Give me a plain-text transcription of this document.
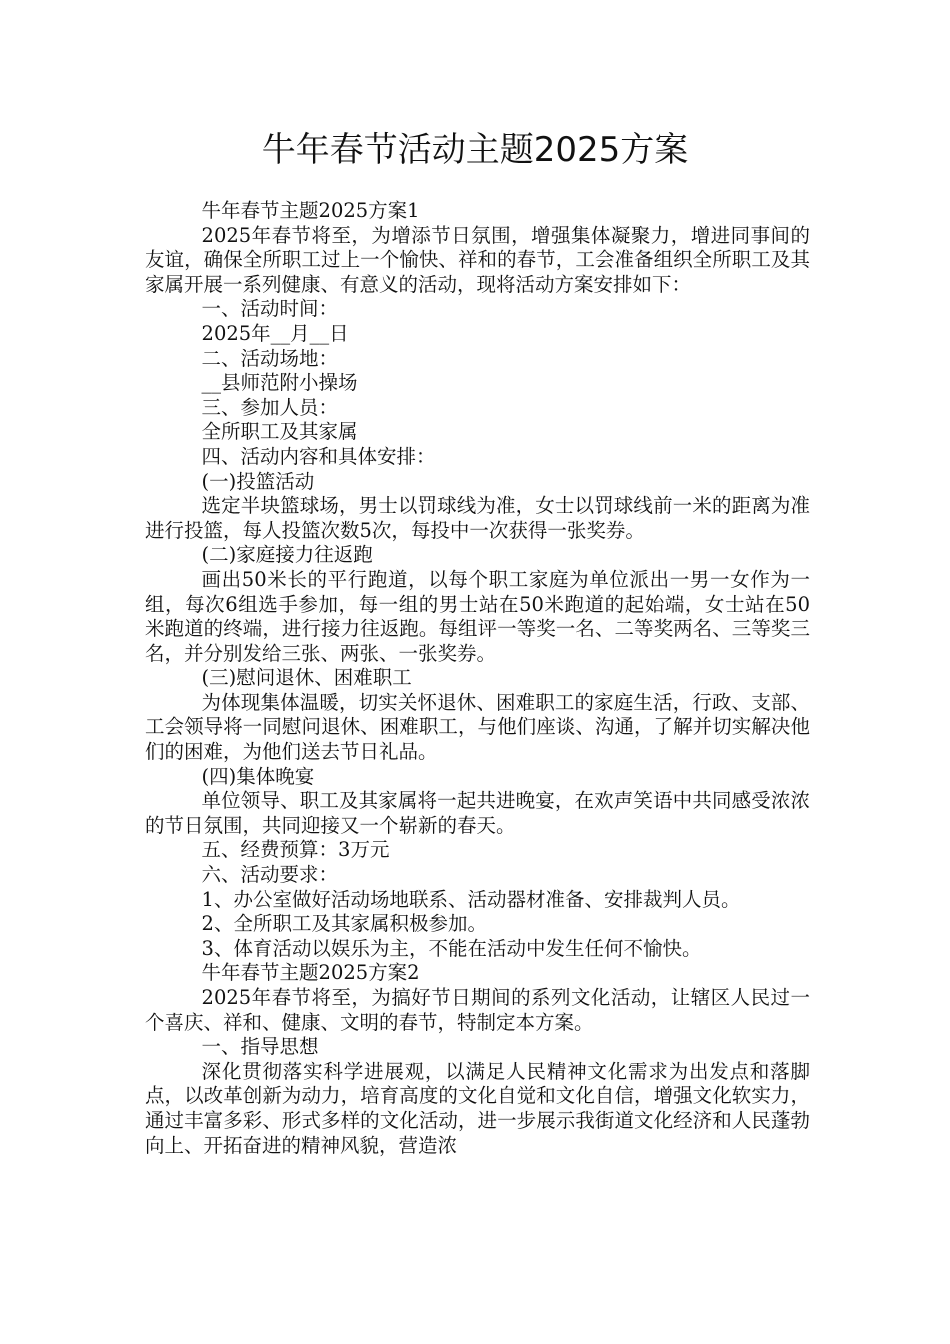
牛年春节活动主题2025方案

牛年春节主题2025方案1

2025年春节将至，为增添节日氛围，增强集体凝聚力，增进同事间的友谊，确保全所职工过上一个愉快、祥和的春节，工会准备组织全所职工及其家属开展一系列健康、有意义的活动，现将活动方案安排如下：

一、活动时间：

2025年__月__日

二、活动场地：

__县师范附小操场

三、参加人员：

全所职工及其家属

四、活动内容和具体安排：

(一)投篮活动

选定半块篮球场，男士以罚球线为准，女士以罚球线前一米的距离为准进行投篮，每人投篮次数5次，每投中一次获得一张奖券。

(二)家庭接力往返跑

画出50米长的平行跑道，以每个职工家庭为单位派出一男一女作为一组，每次6组选手参加，每一组的男士站在50米跑道的起始端，女士站在50米跑道的终端，进行接力往返跑。每组评一等奖一名、二等奖两名、三等奖三名，并分别发给三张、两张、一张奖券。

(三)慰问退休、困难职工

为体现集体温暖，切实关怀退休、困难职工的家庭生活，行政、支部、工会领导将一同慰问退休、困难职工，与他们座谈、沟通，了解并切实解决他们的困难，为他们送去节日礼品。

(四)集体晚宴

单位领导、职工及其家属将一起共进晚宴，在欢声笑语中共同感受浓浓的节日氛围，共同迎接又一个崭新的春天。

五、经费预算：3万元

六、活动要求：

1、办公室做好活动场地联系、活动器材准备、安排裁判人员。

2、全所职工及其家属积极参加。

3、体育活动以娱乐为主，不能在活动中发生任何不愉快。

牛年春节主题2025方案2

2025年春节将至，为搞好节日期间的系列文化活动，让辖区人民过一个喜庆、祥和、健康、文明的春节，特制定本方案。

一、指导思想

深化贯彻落实科学进展观，以满足人民精神文化需求为出发点和落脚点，以改革创新为动力，培育高度的文化自觉和文化自信，增强文化软实力，通过丰富多彩、形式多样的文化活动，进一步展示我街道文化经济和人民蓬勃向上、开拓奋进的精神风貌，营造浓
